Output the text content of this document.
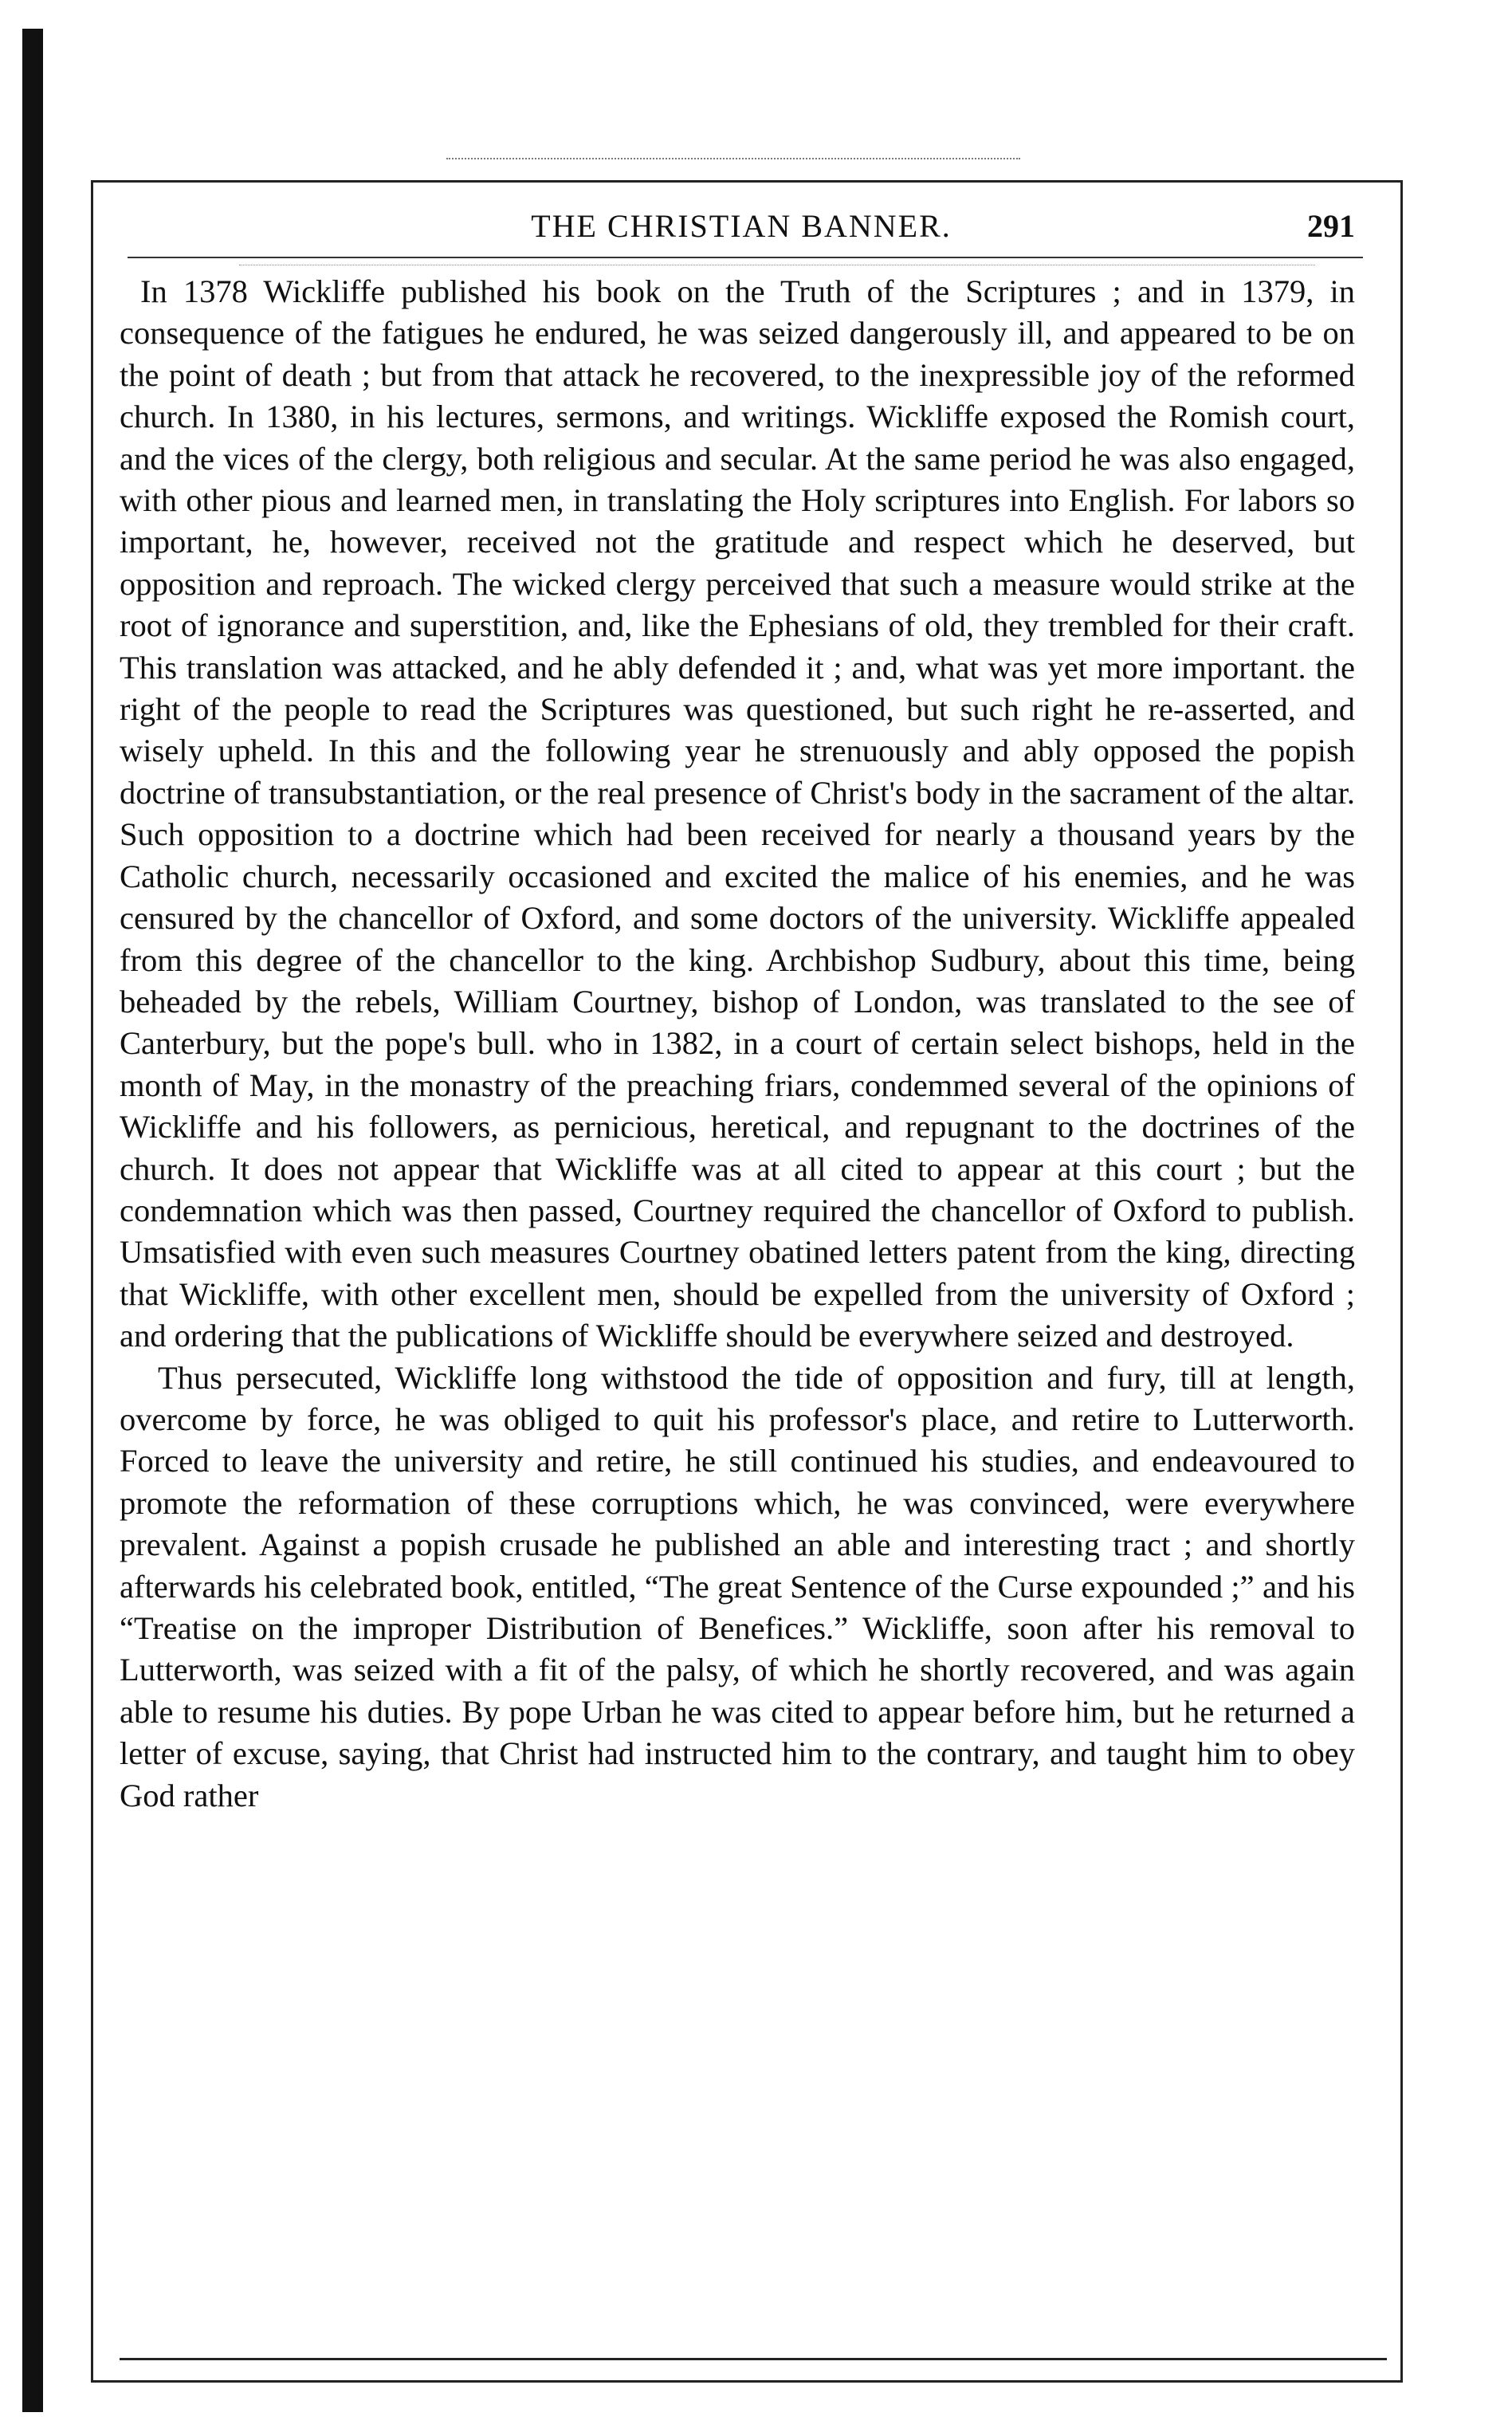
THE CHRISTIAN BANNER.	291

In 1378 Wickliffe published his book on the Truth of the Scriptures ; and in 1379, in consequence of the fatigues he endured, he was seized dangerously ill, and appeared to be on the point of death ; but from that attack he recovered, to the inexpressible joy of the reformed church. In 1380, in his lectures, sermons, and writings. Wickliffe exposed the Romish court, and the vices of the clergy, both religious and secular. At the same period he was also engaged, with other pious and learned men, in translating the Holy scriptures into English. For labors so important, he, however, received not the gratitude and respect which he deserved, but opposition and reproach. The wicked clergy perceived that such a measure would strike at the root of ignorance and superstition, and, like the Ephesians of old, they trembled for their craft. This translation was attacked, and he ably defended it ; and, what was yet more important. the right of the people to read the Scriptures was questioned, but such right he re-asserted, and wisely upheld. In this and the following year he strenuously and ably opposed the popish doctrine of transubstantiation, or the real presence of Christ's body in the sacrament of the altar. Such opposition to a doctrine which had been received for nearly a thousand years by the Catholic church, necessarily occasioned and excited the malice of his enemies, and he was censured by the chancellor of Oxford, and some doctors of the university. Wickliffe appealed from this degree of the chancellor to the king. Archbishop Sudbury, about this time, being beheaded by the rebels, William Courtney, bishop of London, was translated to the see of Canterbury, but the pope's bull. who in 1382, in a court of certain select bishops, held in the month of May, in the monastry of the preaching friars, condemmed several of the opinions of Wickliffe and his followers, as pernicious, heretical, and repugnant to the doctrines of the church. It does not appear that Wickliffe was at all cited to appear at this court ; but the condemnation which was then passed, Courtney required the chancellor of Oxford to publish. Umsatisfied with even such measures Courtney obatined letters patent from the king, directing that Wickliffe, with other excellent men, should be expelled from the university of Oxford ; and ordering that the publications of Wickliffe should be everywhere seized and destroyed.

Thus persecuted, Wickliffe long withstood the tide of opposition and fury, till at length, overcome by force, he was obliged to quit his professor's place, and retire to Lutterworth. Forced to leave the university and retire, he still continued his studies, and endeavoured to promote the reformation of these corruptions which, he was convinced, were everywhere prevalent. Against a popish crusade he published an able and interesting tract ; and shortly afterwards his celebrated book, entitled, “The great Sentence of the Curse expounded ;” and his “Treatise on the improper Distribution of Benefices.” Wickliffe, soon after his removal to Lutterworth, was seized with a fit of the palsy, of which he shortly recovered, and was again able to resume his duties. By pope Urban he was cited to appear before him, but he returned a letter of excuse, saying, that Christ had instructed him to the contrary, and taught him to obey God rather
